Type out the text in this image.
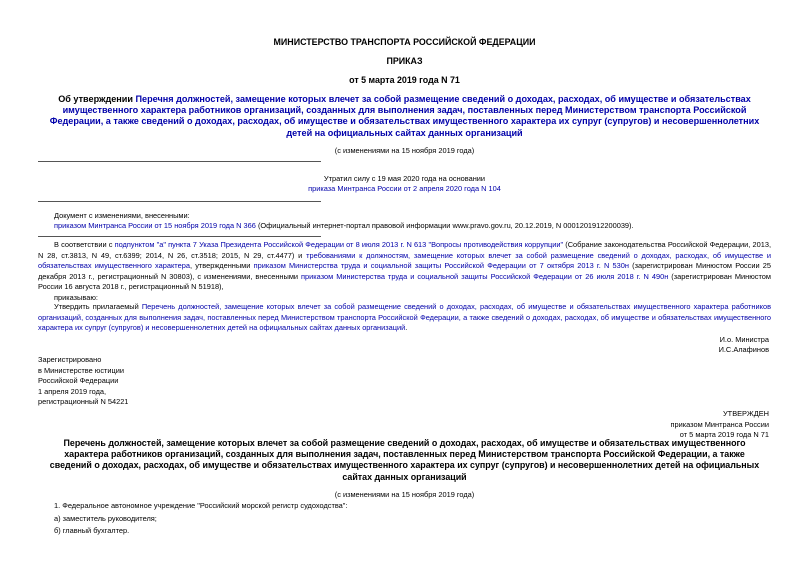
МИНИСТЕРСТВО ТРАНСПОРТА РОССИЙСКОЙ ФЕДЕРАЦИИ
ПРИКАЗ
от 5 марта 2019 года N 71
Об утверждении Перечня должностей, замещение которых влечет за собой размещение сведений о доходах, расходах, об имуществе и обязательствах имущественного характера работников организаций, созданных для выполнения задач, поставленных перед Министерством транспорта Российской Федерации, а также сведений о доходах, расходах, об имуществе и обязательствах имущественного характера их супруг (супругов) и несовершеннолетних детей на официальных сайтах данных организаций
(с изменениями на 15 ноября 2019 года)
Утратил силу с 19 мая 2020 года на основании
приказа Минтранса России от 2 апреля 2020 года N 104
Документ с изменениями, внесенными:
приказом Минтранса России от 15 ноября 2019 года N 366 (Официальный интернет-портал правовой информации www.pravo.gov.ru, 20.12.2019, N 0001201912200039).
В соответствии с подпунктом "а" пункта 7 Указа Президента Российской Федерации от 8 июля 2013 г. N 613 "Вопросы противодействия коррупции" (Собрание законодательства Российской Федерации, 2013, N 28, ст.3813, N 49, ст.6399; 2014, N 26, ст.3518; 2015, N 29, ст.4477) и требованиями к должностям, замещение которых влечет за собой размещение сведений о доходах, расходах, об имуществе и обязательствах имущественного характера, утвержденными приказом Министерства труда и социальной защиты Российской Федерации от 7 октября 2013 г. N 530н (зарегистрирован Минюстом России 25 декабря 2013 г., регистрационный N 30803), с изменениями, внесенными приказом Министерства труда и социальной защиты Российской Федерации от 26 июля 2018 г. N 490н (зарегистрирован Минюстом России 16 августа 2018 г., регистрационный N 51918),
приказываю:
Утвердить прилагаемый Перечень должностей, замещение которых влечет за собой размещение сведений о доходах, расходах, об имуществе и обязательствах имущественного характера работников организаций, созданных для выполнения задач, поставленных перед Министерством транспорта Российской Федерации, а также сведений о доходах, расходах, об имуществе и обязательствах имущественного характера их супруг (супругов) и несовершеннолетних детей на официальных сайтах данных организаций.
И.о. Министра
И.С.Алафинов
Зарегистрировано
в Министерстве юстиции
Российской Федерации
1 апреля 2019 года,
регистрационный N 54221
УТВЕРЖДЕН
приказом Минтранса России
от 5 марта 2019 года N 71
Перечень должностей, замещение которых влечет за собой размещение сведений о доходах, расходах, об имуществе и обязательствах имущественного характера работников организаций, созданных для выполнения задач, поставленных перед Министерством транспорта Российской Федерации, а также сведений о доходах, расходах, об имуществе и обязательствах имущественного характера их супруг (супругов) и несовершеннолетних детей на официальных сайтах данных организаций
(с изменениями на 15 ноября 2019 года)
1. Федеральное автономное учреждение "Российский морской регистр судоходства":
а) заместитель руководителя;
б) главный бухгалтер.
